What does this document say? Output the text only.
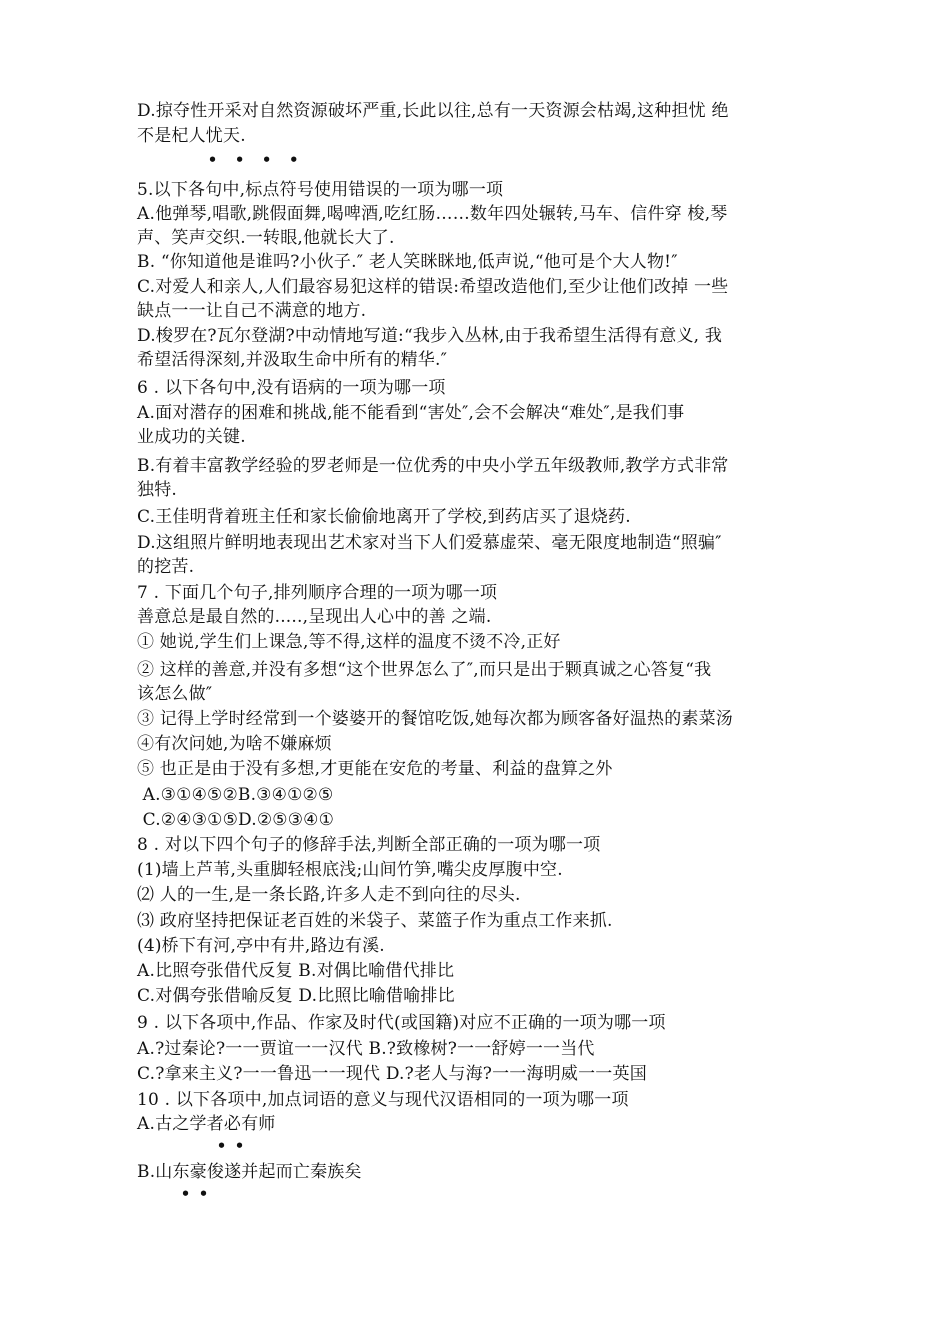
D.掠夺性开采对自然资源破坏严重,长此以往,总有一天资源会枯竭,这种担忧 绝
不是杞人忧天.
•  •  •  •
5.以下各句中,标点符号使用错误的一项为哪一项
A.他弹琴,唱歌,跳假面舞,喝啤酒,吃红肠……数年四处辗转,马车、信件穿 梭,琴
声、笑声交织.一转眼,他就长大了.
B. “你知道他是谁吗?小伙子.″ 老人笑眯眯地,低声说,“他可是个大人物!″
C.对爱人和亲人,人们最容易犯这样的错误:希望改造他们,至少让他们改掉 一些
缺点一一让自己不满意的地方.
D.梭罗在?瓦尔登湖?中动情地写道:“我步入丛林,由于我希望生活得有意义, 我
希望活得深刻,并汲取生命中所有的精华.″
6 . 以下各句中,没有语病的一项为哪一项
A.面对潜存的困难和挑战,能不能看到“害处″,会不会解决“难处″,是我们事
业成功的关键.
B.有着丰富教学经验的罗老师是一位优秀的中央小学五年级教师,教学方式非常
独特.
C.王佳明背着班主任和家长偷偷地离开了学校,到药店买了退烧药.
D.这组照片鲜明地表现出艺术家对当下人们爱慕虚荣、毫无限度地制造“照骗″
的挖苦.
7 . 下面几个句子,排列顺序合理的一项为哪一项
善意总是最自然的.....,呈现出人心中的善 之端.
① 她说,学生们上课急,等不得,这样的温度不烫不冷,正好
② 这样的善意,并没有多想“这个世界怎么了″,而只是出于颗真诚之心答复“我
该怎么做″
③ 记得上学时经常到一个婆婆开的餐馆吃饭,她每次都为顾客备好温热的素菜汤
④有次问她,为啥不嫌麻烦
⑤ 也正是由于没有多想,才更能在安危的考量、利益的盘算之外
A.③①④⑤②B.③④①②⑤
C.②④③①⑤D.②⑤③④①
8 . 对以下四个句子的修辞手法,判断全部正确的一项为哪一项
(1)墙上芦苇,头重脚轻根底浅;山间竹笋,嘴尖皮厚腹中空.
⑵ 人的一生,是一条长路,许多人走不到向往的尽头.
⑶ 政府坚持把保证老百姓的米袋子、菜篮子作为重点工作来抓.
(4)桥下有河,亭中有井,路边有溪.
A.比照夸张借代反复 B.对偶比喻借代排比
C.对偶夸张借喻反复 D.比照比喻借喻排比
9 . 以下各项中,作品、作家及时代(或国籍)对应不正确的一项为哪一项
A.?过秦论?一一贾谊一一汉代 B.?致橡树?一一舒婷一一当代
C.?拿来主义?一一鲁迅一一现代 D.?老人与海?一一海明威一一英国
10 . 以下各项中,加点词语的意义与现代汉语相同的一项为哪一项
A.古之学者必有师
• •
B.山东豪俊遂并起而亡秦族矣
• •
